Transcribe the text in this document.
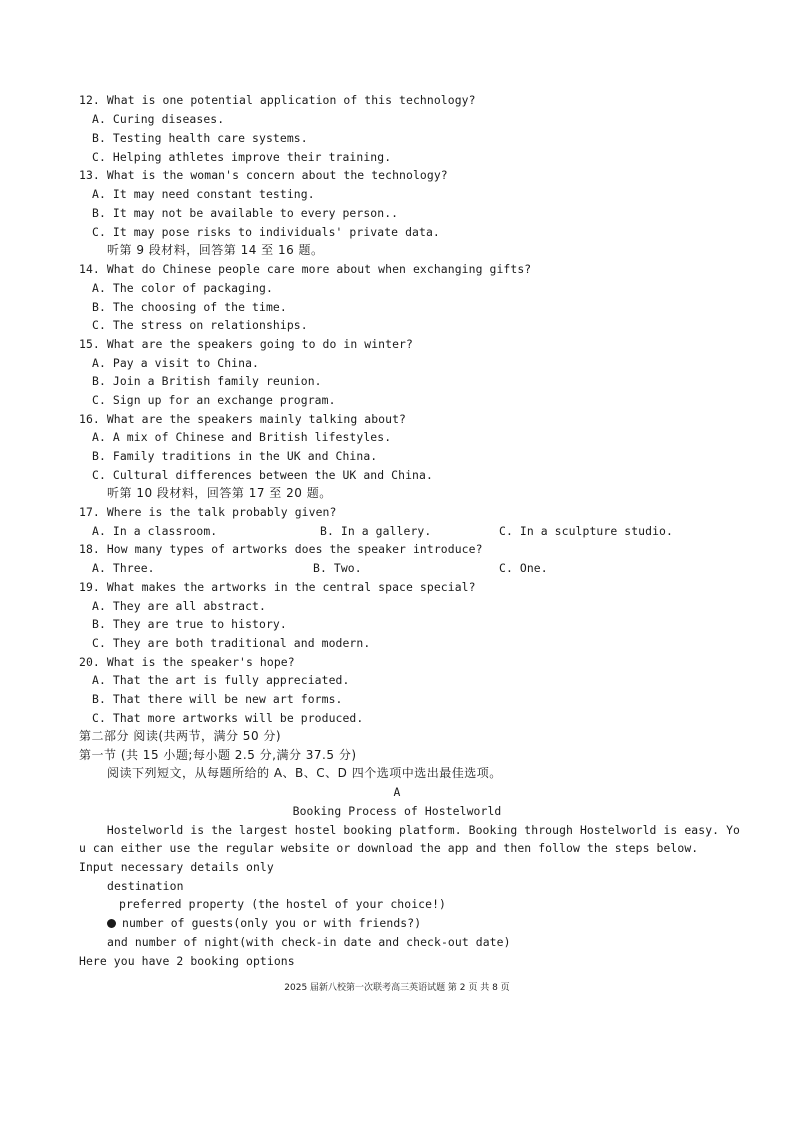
12. What is one potential application of this technology?
A. Curing diseases.
B. Testing health care systems.
C. Helping athletes improve their training.
13. What is the woman's concern about the technology?
A. It may need constant testing.
B. It may not be available to every person..
C. It may pose risks to individuals' private data.
听第 9 段材料，回答第 14 至 16 题。
14. What do Chinese people care more about when exchanging gifts?
A. The color of packaging.
B. The choosing of the time.
C. The stress on relationships.
15. What are the speakers going to do in winter?
A. Pay a visit to China.
B. Join a British family reunion.
C. Sign up for an exchange program.
16. What are the speakers mainly talking about?
A. A mix of Chinese and British lifestyles.
B. Family traditions in the UK and China.
C. Cultural differences between the UK and China.
听第 10 段材料，回答第 17 至 20 题。
17. Where is the talk probably given?
A. In a classroom.	B. In a gallery.	C. In a sculpture studio.
18. How many types of artworks does the speaker introduce?
A. Three.	B. Two.	C. One.
19. What makes the artworks in the central space special?
A. They are all abstract.
B. They are true to history.
C. They are both traditional and modern.
20. What is the speaker's hope?
A. That the art is fully appreciated.
B. That there will be new art forms.
C. That more artworks will be produced.
第二部分 阅读(共两节，满分 50 分)
第一节 (共 15 小题;每小题 2.5 分,满分 37.5 分)
阅读下列短文，从每题所给的 A、B、C、D 四个选项中选出最佳选项。
A
Booking Process of Hostelworld
Hostelworld is the largest hostel booking platform. Booking through Hostelworld is easy. Yo
u can either use the regular website or download the app and then follow the steps below.
Input necessary details only
destination
preferred property (the hostel of your choice!)
number of guests(only you or with friends?)
and number of night(with check-in date and check-out date)
Here you have 2 booking options
2025 届新八校第一次联考高三英语试题 第 2 页 共 8 页
